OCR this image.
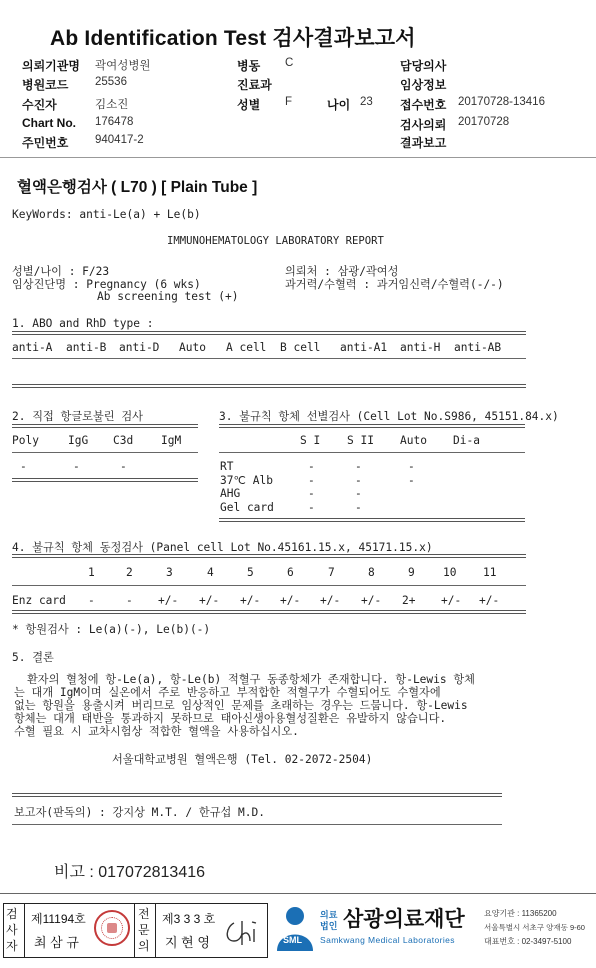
Ab Identification Test 검사결과보고서
의뢰기관명 곽여성병원	병동 C	담당의사
병원코드 25536	진료과	임상정보
수진자	김소진	성별 F	나이 23 접수번호 20170728-13416
Chart No. 176478	검사의뢰 20170728
주민번호 940417-2	결과보고
혈액은행검사 ( L70 ) [ Plain Tube ]
KeyWords: anti-Le(a) + Le(b)
IMMUNOHEMATOLOGY LABORATORY REPORT
성별/나이 : F/23	의뢰처 : 삼광/곽여성
임상진단명 : Pregnancy (6 wks)	과거력/수혈력 : 과거임신력/수혈력(-/-)
Ab screening test (+)
1. ABO and RhD type :
anti-A anti-B anti-D Auto A cell B cell anti-A1 anti-H anti-AB
2. 직접 항글로불린 검사
Poly	IgG C3d IgM
-	-	-
3. 불규칙 항체 선별검사 (Cell Lot No.S986, 45151.84.x)
S I S II Auto Di-a
RT	-	-	-
37℃ Alb	-	-	-
AHG	-	-
Gel card	-	-
4. 불규칙 항체 동정검사 (Panel cell Lot No.45161.15.x, 45171.15.x)
1	2	3	4	5	6	7	8	9	10 11
Enz card -	- +/- +/- +/- +/- +/- +/- 2+ +/- +/-
* 항원검사 : Le(a)(-), Le(b)(-)
5. 결론
환자의 혈청에 항-Le(a), 항-Le(b) 적혈구 동종항체가 존재합니다. 항-Lewis 항체
는 대개 IgM이며 실온에서 주로 반응하고 부적합한 적혈구가 수혈되어도 수혈자에
없는 항원을 용출시켜 버리므로 임상적인 문제를 초래하는 경우는 드뭅니다. 항-Lewis
항체는 대개 태반을 통과하지 못하므로 태아신생아용혈성질환은 유발하지 않습니다.
수혈 필요 시 교차시험상 적합한 혈액을 사용하십시오.
서울대학교병원 혈액은행 (Tel. 02-2072-2504)
보고자(판독의) : 강지상 M.T. / 한규섭 M.D.
비고 : 017072813416
검사자
제11194호
최 삼 규
전문의
제3 3 3 호
지 현 영	SML
의료
법인 삼광의료재단
Samkwang Medical Laboratories
요양기관 : 11365200
서울특별시 서초구 양재동 9-60
대표번호 : 02-3497-5100
